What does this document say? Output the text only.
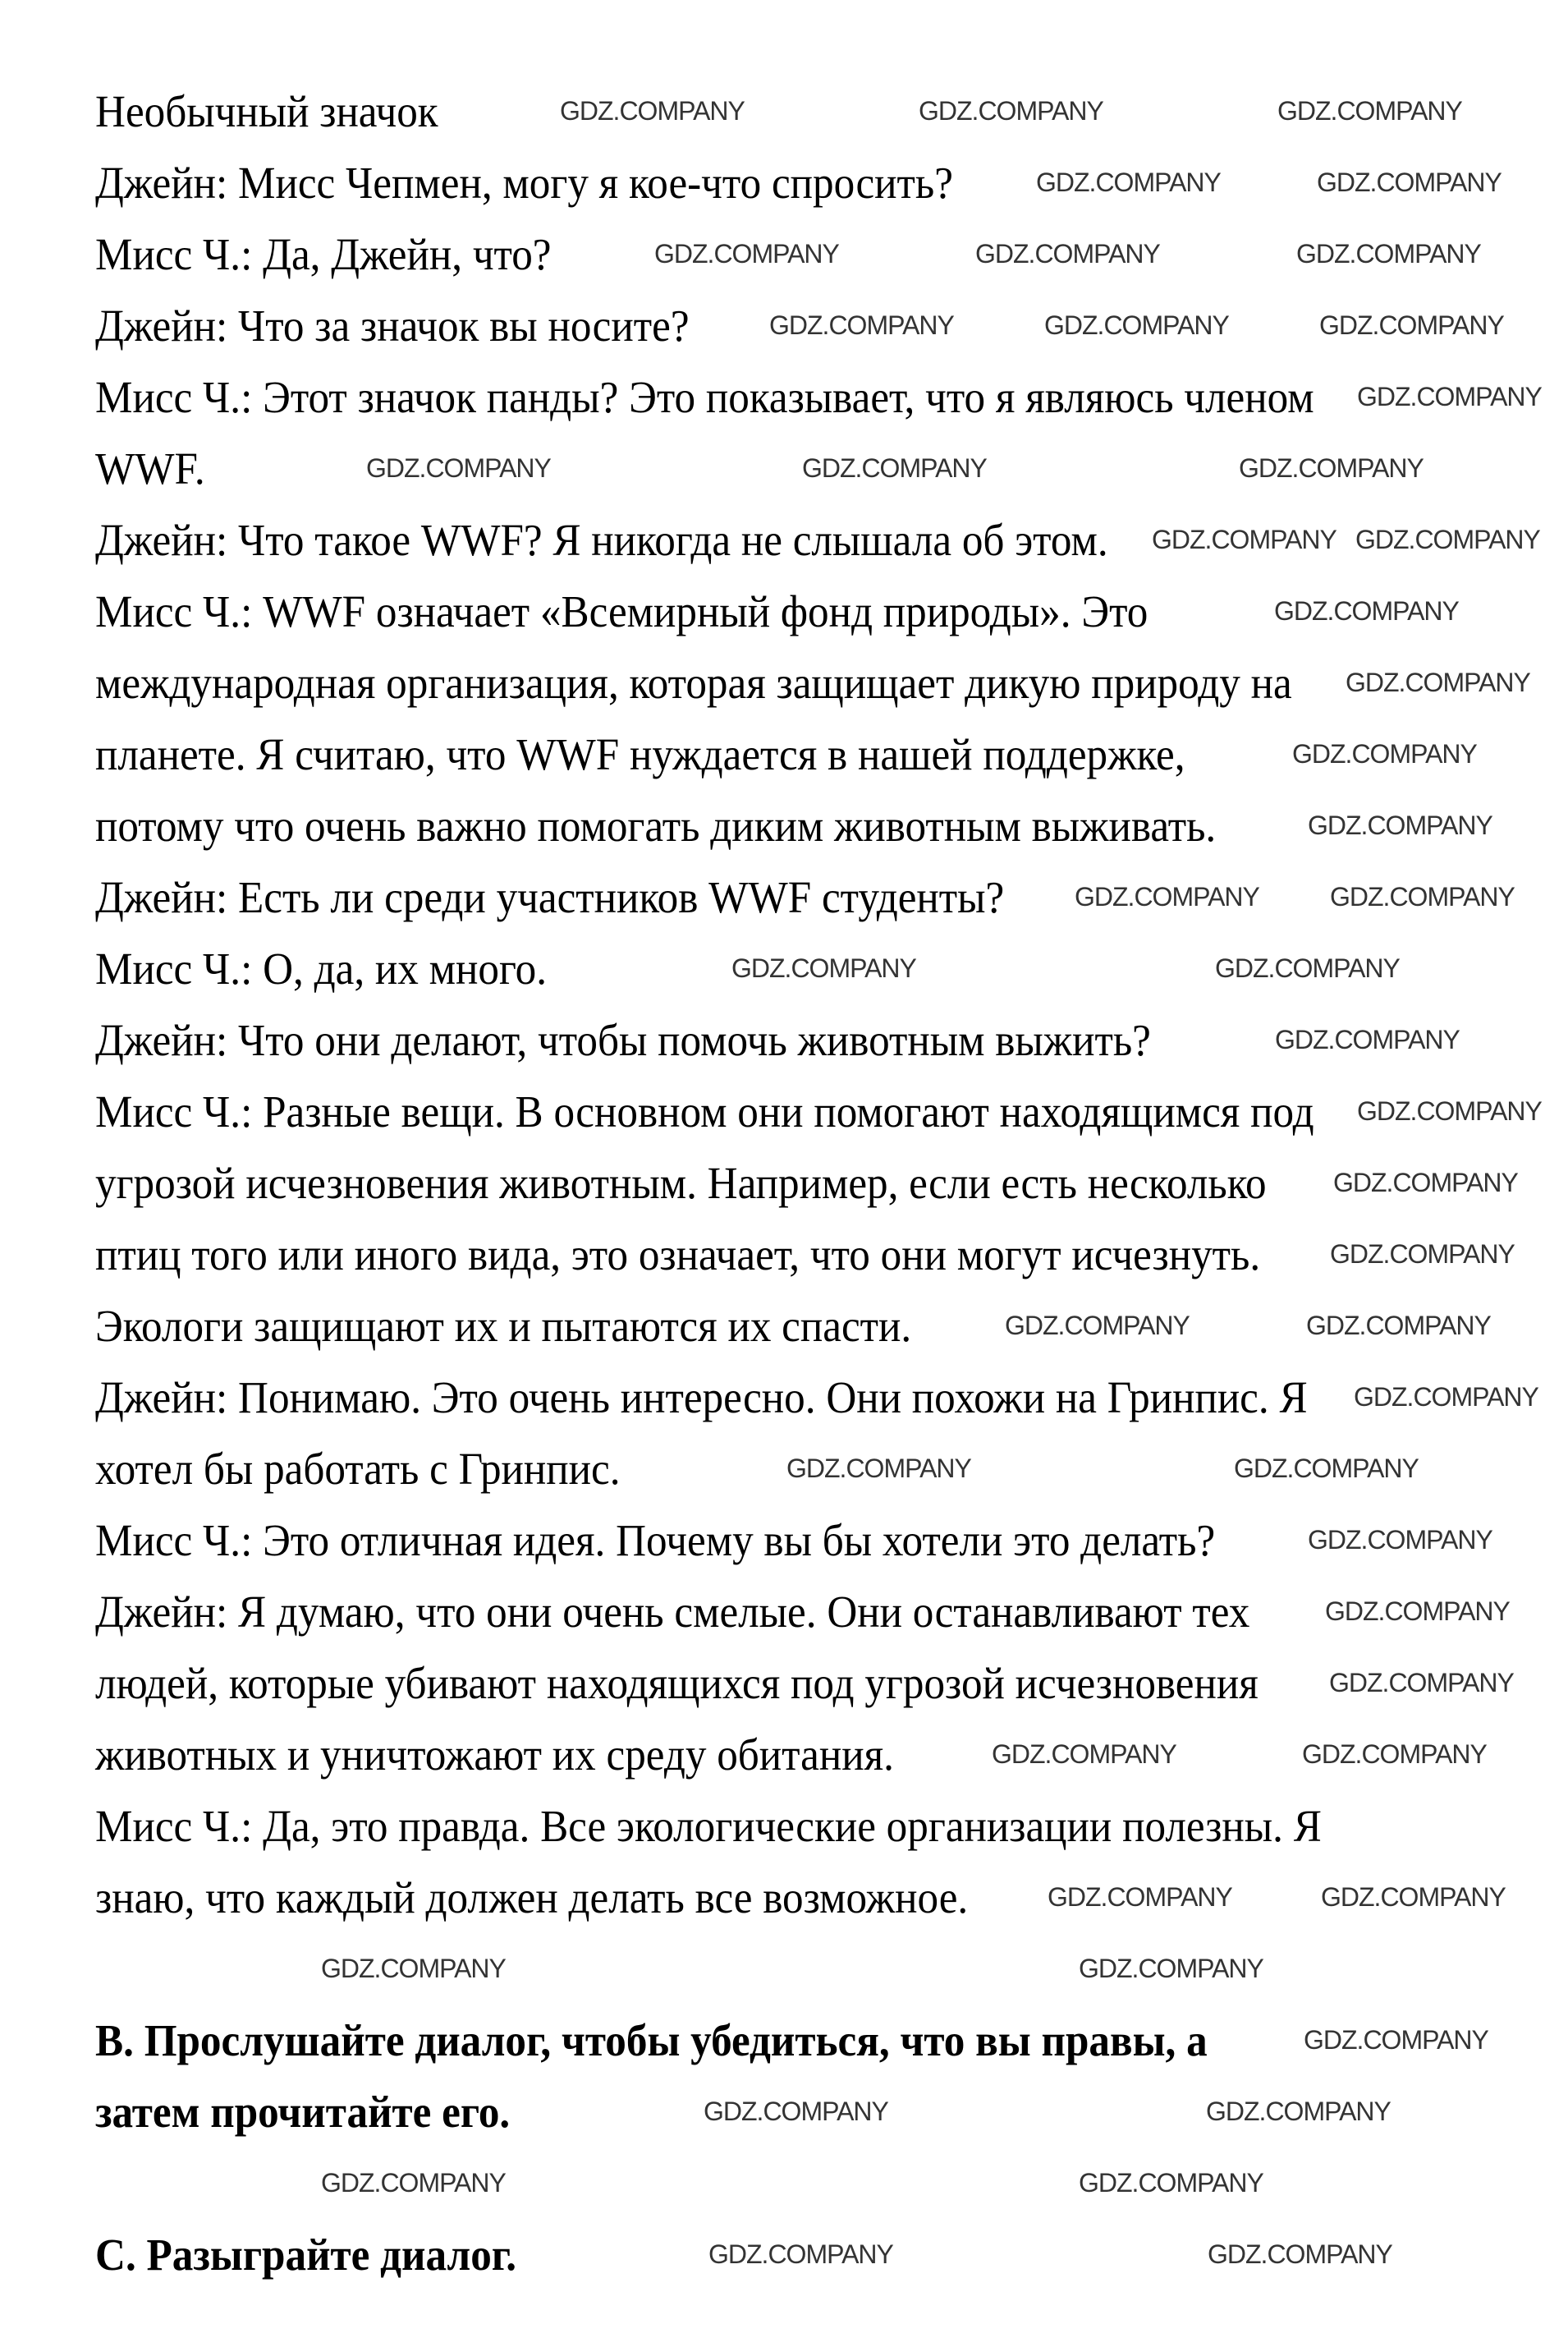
Необычный значок
Джейн: Мисс Чепмен, могу я кое-что спросить?
Мисс Ч.: Да, Джейн, что?
Джейн: Что за значок вы носите?
Мисс Ч.: Этот значок панды? Это показывает, что я являюсь членом
WWF.
Джейн: Что такое WWF? Я никогда не слышала об этом.
Мисс Ч.: WWF означает «Всемирный фонд природы». Это
международная организация, которая защищает дикую природу на
планете. Я считаю, что WWF нуждается в нашей поддержке,
потому что очень важно помогать диким животным выживать.
Джейн: Есть ли среди участников WWF студенты?
Мисс Ч.: О, да, их много.
Джейн: Что они делают, чтобы помочь животным выжить?
Мисс Ч.: Разные вещи. В основном они помогают находящимся под
угрозой исчезновения животным. Например, если есть несколько
птиц того или иного вида, это означает, что они могут исчезнуть.
Экологи защищают их и пытаются их спасти.
Джейн: Понимаю. Это очень интересно. Они похожи на Гринпис. Я
хотел бы работать с Гринпис.
Мисс Ч.: Это отличная идея. Почему вы бы хотели это делать?
Джейн: Я думаю, что они очень смелые. Они останавливают тех
людей, которые убивают находящихся под угрозой исчезновения
животных и уничтожают их среду обитания.
Мисс Ч.: Да, это правда. Все экологические организации полезны. Я
знаю, что каждый должен делать все возможное.
B. Прослушайте диалог, чтобы убедиться, что вы правы, а
затем прочитайте его.
C. Разыграйте диалог.
GDZ.COMPANY	GDZ.COMPANY	GDZ.COMPANY
GDZ.COMPANY	GDZ.COMPANY
GDZ.COMPANY	GDZ.COMPANY	GDZ.COMPANY
GDZ.COMPANY	GDZ.COMPANY	GDZ.COMPANY
GDZ.COMPANY
GDZ.COMPANY	GDZ.COMPANY	GDZ.COMPANY
GDZ.COMPANY GDZ.COMPANY
GDZ.COMPANY
GDZ.COMPANY
GDZ.COMPANY
GDZ.COMPANY
GDZ.COMPANY	GDZ.COMPANY
GDZ.COMPANY	GDZ.COMPANY
GDZ.COMPANY
GDZ.COMPANY
GDZ.COMPANY
GDZ.COMPANY
GDZ.COMPANY	GDZ.COMPANY
GDZ.COMPANY
GDZ.COMPANY	GDZ.COMPANY
GDZ.COMPANY
GDZ.COMPANY
GDZ.COMPANY
GDZ.COMPANY	GDZ.COMPANY
GDZ.COMPANY	GDZ.COMPANY
GDZ.COMPANY	GDZ.COMPANY
GDZ.COMPANY
GDZ.COMPANY	GDZ.COMPANY
GDZ.COMPANY	GDZ.COMPANY
GDZ.COMPANY	GDZ.COMPANY
